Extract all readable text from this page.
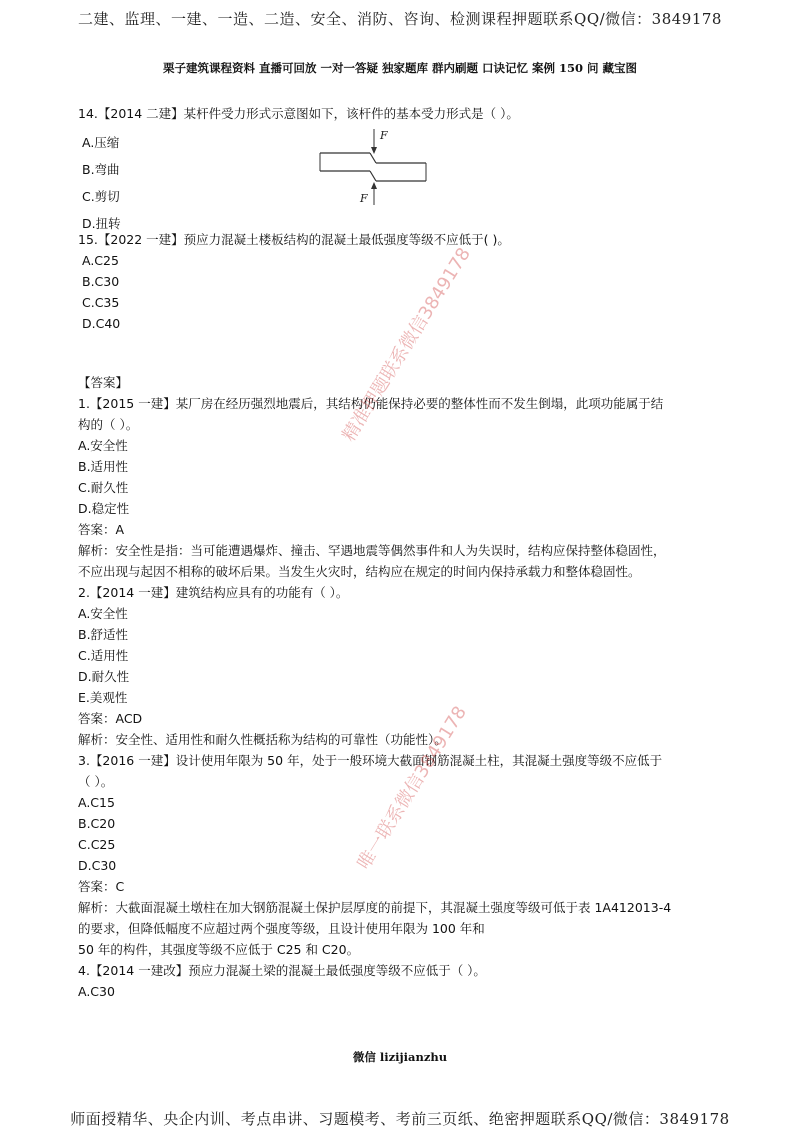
二建、监理、一建、一造、二造、安全、消防、咨询、检测课程押题联系QQ/微信：3849178
栗子建筑课程资料 直播可回放 一对一答疑 独家题库 群内刷题 口诀记忆 案例 150 问 藏宝图
14.【2014 二建】某杆件受力形式示意图如下，该杆件的基本受力形式是（ ）。
A.压缩
B.弯曲
C.剪切
D.扭转
F
F
15.【2022 一建】预应力混凝土楼板结构的混凝土最低强度等级不应低于( )。
A.C25
B.C30
C.C35
D.C40
【答案】
1.【2015 一建】某厂房在经历强烈地震后，其结构仍能保持必要的整体性而不发生倒塌，此项功能属于结
构的（ ）。
A.安全性
B.适用性
C.耐久性
D.稳定性
答案：A
解析：安全性是指：当可能遭遇爆炸、撞击、罕遇地震等偶然事件和人为失误时，结构应保持整体稳固性，
不应出现与起因不相称的破坏后果。当发生火灾时，结构应在规定的时间内保持承载力和整体稳固性。
2.【2014 一建】建筑结构应具有的功能有（ ）。
A.安全性
B.舒适性
C.适用性
D.耐久性
E.美观性
答案：ACD
解析：安全性、适用性和耐久性概括称为结构的可靠性（功能性）。
3.【2016 一建】设计使用年限为 50 年，处于一般环境大截面钢筋混凝土柱，其混凝土强度等级不应低于
（ ）。
A.C15
B.C20
C.C25
D.C30
答案：C
解析：大截面混凝土墩柱在加大钢筋混凝土保护层厚度的前提下，其混凝土强度等级可低于表 1A412013-4
的要求，但降低幅度不应超过两个强度等级，且设计使用年限为 100 年和
50 年的构件，其强度等级不应低于 C25 和 C20。
4.【2014 一建改】预应力混凝土梁的混凝土最低强度等级不应低于（ ）。
A.C30
精准押题联系微信3849178
唯一联系微信3849178
微信 lizijianzhu
师面授精华、央企内训、考点串讲、习题模考、考前三页纸、绝密押题联系QQ/微信：3849178
